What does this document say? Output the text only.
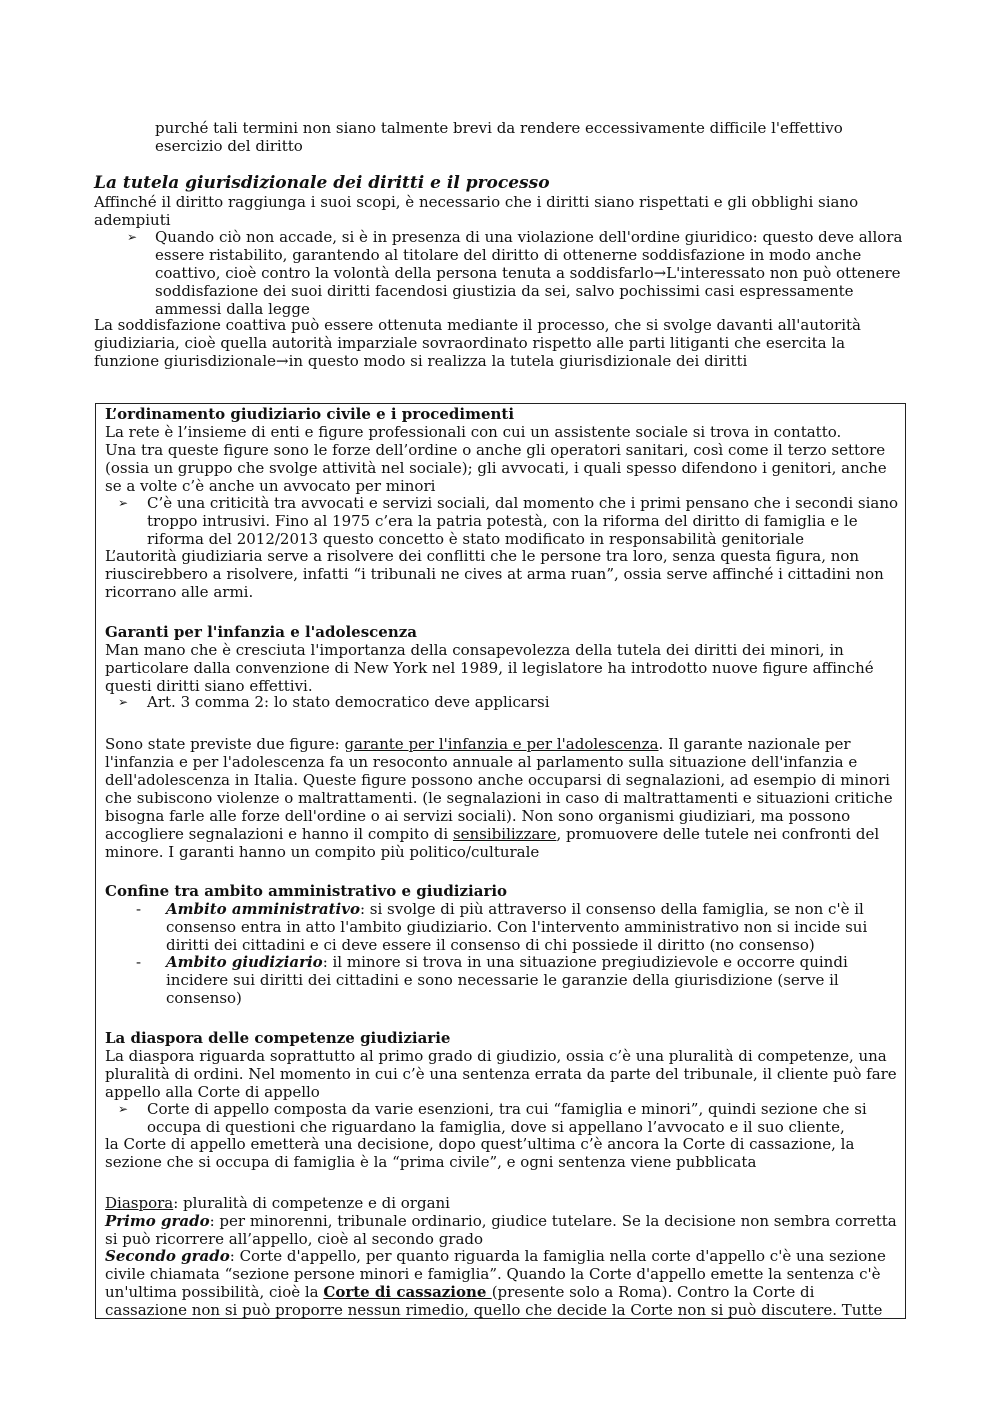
purché tali termini non siano talmente brevi da rendere eccessivamente difficile l'effettivo esercizio del diritto

La tutela giurisdizionale dei diritti e il processo

Affinché il diritto raggiunga i suoi scopi, è necessario che i diritti siano rispettati e gli obblighi siano adempiuti

➢ Quando ciò non accade, si è in presenza di una violazione dell'ordine giuridico: questo deve allora essere ristabilito, garantendo al titolare del diritto di ottenerne soddisfazione in modo anche coattivo, cioè contro la volontà della persona tenuta a soddisfarlo→L'interessato non può ottenere soddisfazione dei suoi diritti facendosi giustizia da sei, salvo pochissimi casi espressamente ammessi dalla legge

La soddisfazione coattiva può essere ottenuta mediante il processo, che si svolge davanti all'autorità giudiziaria, cioè quella autorità imparziale sovraordinato rispetto alle parti litiganti che esercita la funzione giurisdizionale→in questo modo si realizza la tutela giurisdizionale dei diritti

L’ordinamento giudiziario civile e i procedimenti

La rete è l’insieme di enti e figure professionali con cui un assistente sociale si trova in contatto.

Una tra queste figure sono le forze dell’ordine o anche gli operatori sanitari, così come il terzo settore (ossia un gruppo che svolge attività nel sociale); gli avvocati, i quali spesso difendono i genitori, anche se a volte c’è anche un avvocato per minori

➢ C’è una criticità tra avvocati e servizi sociali, dal momento che i primi pensano che i secondi siano troppo intrusivi. Fino al 1975 c’era la patria potestà, con la riforma del diritto di famiglia e le riforma del 2012/2013 questo concetto è stato modificato in responsabilità genitoriale

L’autorità giudiziaria serve a risolvere dei conflitti che le persone tra loro, senza questa figura, non riuscirebbero a risolvere, infatti “i tribunali ne cives at arma ruan”, ossia serve affinché i cittadini non ricorrano alle armi.

Garanti per l'infanzia e l'adolescenza

Man mano che è cresciuta l'importanza della consapevolezza della tutela dei diritti dei minori, in particolare dalla convenzione di New York nel 1989, il legislatore ha introdotto nuove figure affinché questi diritti siano effettivi.

➢ Art. 3 comma 2: lo stato democratico deve applicarsi

Sono state previste due figure: garante per l'infanzia e per l'adolescenza. Il garante nazionale per l'infanzia e per l'adolescenza fa un resoconto annuale al parlamento sulla situazione dell'infanzia e dell'adolescenza in Italia. Queste figure possono anche occuparsi di segnalazioni, ad esempio di minori che subiscono violenze o maltrattamenti. (le segnalazioni in caso di maltrattamenti e situazioni critiche bisogna farle alle forze dell'ordine o ai servizi sociali). Non sono organismi giudiziari, ma possono accogliere segnalazioni e hanno il compito di sensibilizzare, promuovere delle tutele nei confronti del minore. I garanti hanno un compito più politico/culturale

Confine tra ambito amministrativo e giudiziario

- Ambito amministrativo: si svolge di più attraverso il consenso della famiglia, se non c'è il consenso entra in atto l'ambito giudiziario. Con l'intervento amministrativo non si incide sui diritti dei cittadini e ci deve essere il consenso di chi possiede il diritto (no consenso)

- Ambito giudiziario: il minore si trova in una situazione pregiudizievole e occorre quindi incidere sui diritti dei cittadini e sono necessarie le garanzie della giurisdizione (serve il consenso)

La diaspora delle competenze giudiziarie

La diaspora riguarda soprattutto al primo grado di giudizio, ossia c’è una pluralità di competenze, una pluralità di ordini. Nel momento in cui c’è una sentenza errata da parte del tribunale, il cliente può fare appello alla Corte di appello

➢ Corte di appello composta da varie esenzioni, tra cui “famiglia e minori”, quindi sezione che si occupa di questioni che riguardano la famiglia, dove si appellano l’avvocato e il suo cliente,

la Corte di appello emetterà una decisione, dopo quest’ultima c’è ancora la Corte di cassazione, la sezione che si occupa di famiglia è la “prima civile”, e ogni sentenza viene pubblicata

Diaspora: pluralità di competenze e di organi

Primo grado: per minorenni, tribunale ordinario, giudice tutelare. Se la decisione non sembra corretta si può ricorrere all’appello, cioè al secondo grado

Secondo grado: Corte d'appello, per quanto riguarda la famiglia nella corte d'appello c'è una sezione civile chiamata “sezione persone minori e famiglia”. Quando la Corte d'appello emette la sentenza c'è un'ultima possibilità, cioè la Corte di cassazione (presente solo a Roma). Contro la Corte di cassazione non si può proporre nessun rimedio, quello che decide la Corte non si può discutere. Tutte
